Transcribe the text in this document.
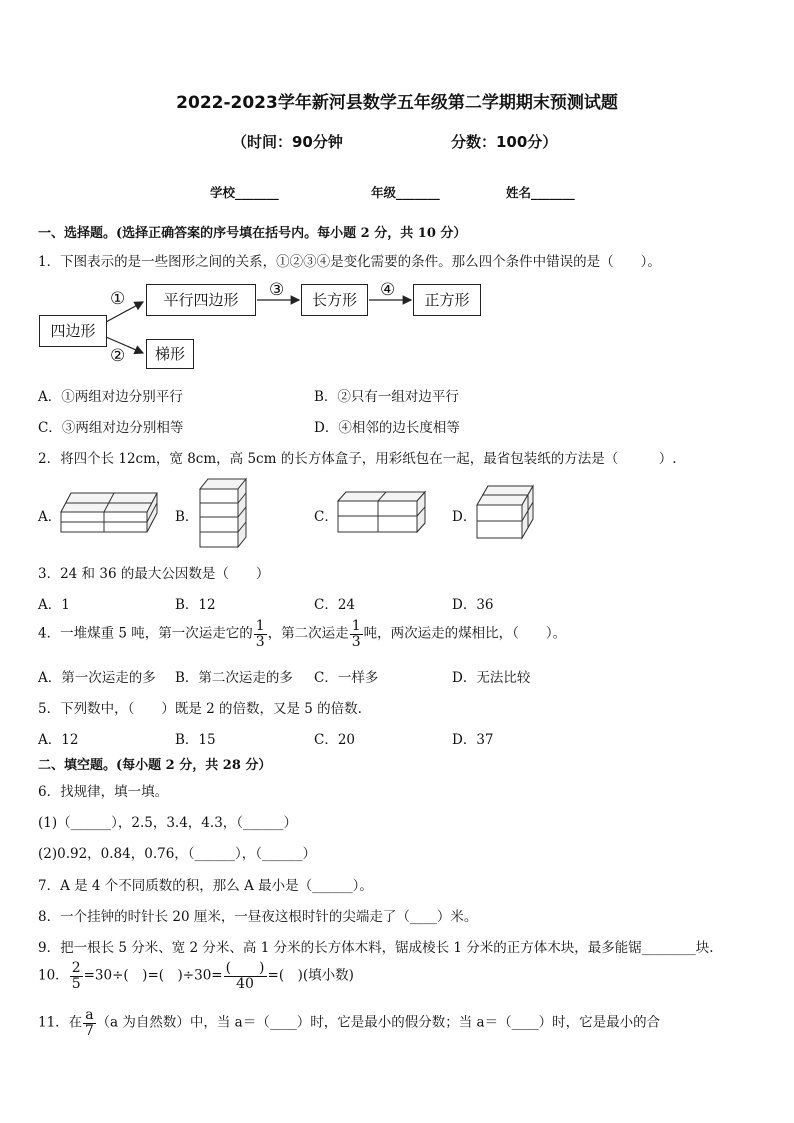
2022-2023学年新河县数学五年级第二学期期末预测试题
（时间：90分钟	分数：100分）
学校_______	年级_______	姓名_______
一、选择题。(选择正确答案的序号填在括号内。每小题 2 分，共 10 分）
1．下图表示的是一些图形之间的关系，①②③④是变化需要的条件。那么四个条件中错误的是（　　）。
四边形
平行四边形	长方形	正方形
梯形
①
②
③	④
A．①两组对边分别平行	B．②只有一组对边平行
C．③两组对边分别相等	D．④相邻的边长度相等
2．将四个长 12cm，宽 8cm，高 5cm 的长方体盒子，用彩纸包在一起，最省包装纸的方法是（　　　）.
A．	B．	C．	D．
3．24 和 36 的最大公因数是（　　）
A．1	B．12	C．24	D．36
4．一堆煤重 5 吨，第一次运走它的 $\frac{1}{3}$ ，第二次运走 $\frac{1}{3}$ 吨，两次运走的煤相比，（　　）。
A．第一次运走的多 B．第二次运走的多 C．一样多	D．无法比较
5．下列数中，（　　）既是 2 的倍数，又是 5 的倍数.
A．12	B．15	C．20	D．37
二、填空题。(每小题 2 分，共 28 分）
6．找规律，填一填。
(1)（______），2.5，3.4，4.3，（______）
(2)0.92，0.84，0.76，（______），（______）
7．A 是 4 个不同质数的积，那么 A 最小是（______）。
8．一个挂钟的时针长 20 厘米，一昼夜这根时针的尖端走了（____）米。
9．把一根长 5 分米、宽 2 分米、高 1 分米的长方体木料，锯成棱长 1 分米的正方体木块，最多能锯________块.
10． $\frac{2}{5} =30\div$(　)=(　)$\div 30= \frac{( )}{40}$ =(　)(填小数)
11．在 $\frac{a}{7} (a$ 为自然数）中，当 a＝（____）时，它是最小的假分数；当 a＝（____）时，它是最小的合
